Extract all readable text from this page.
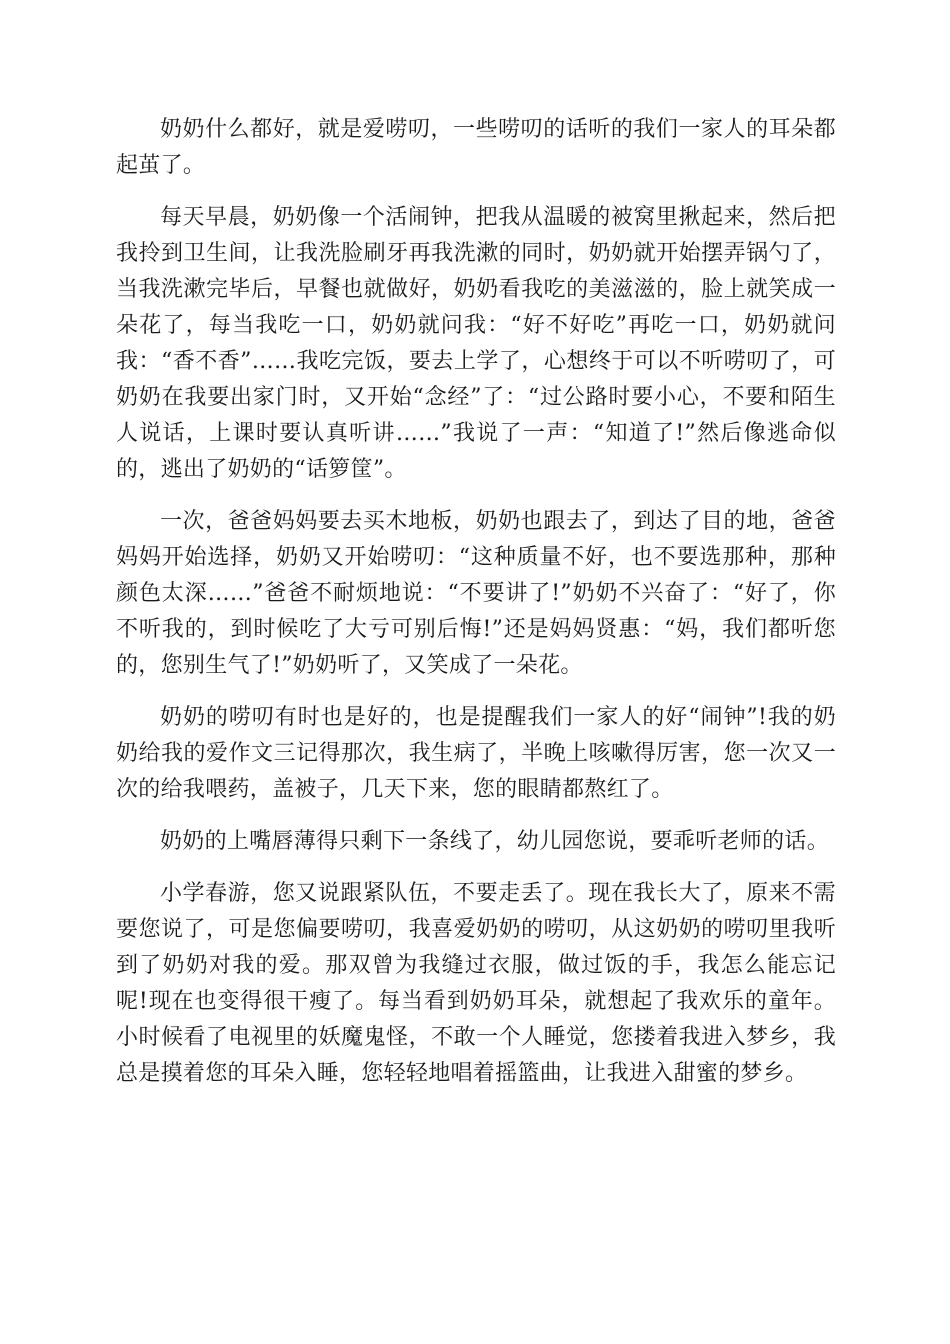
奶奶什么都好，就是爱唠叨，一些唠叨的话听的我们一家人的耳朵都起茧了。

每天早晨，奶奶像一个活闹钟，把我从温暖的被窝里揪起来，然后把我拎到卫生间，让我洗脸刷牙再我洗漱的同时，奶奶就开始摆弄锅勺了，当我洗漱完毕后，早餐也就做好，奶奶看我吃的美滋滋的，脸上就笑成一朵花了，每当我吃一口，奶奶就问我：“好不好吃”再吃一口，奶奶就问我：“香不香”……我吃完饭，要去上学了，心想终于可以不听唠叨了，可奶奶在我要出家门时，又开始“念经”了：“过公路时要小心，不要和陌生人说话，上课时要认真听讲……”我说了一声：“知道了!”然后像逃命似的，逃出了奶奶的“话箩筐”。

一次，爸爸妈妈要去买木地板，奶奶也跟去了，到达了目的地，爸爸妈妈开始选择，奶奶又开始唠叨：“这种质量不好，也不要选那种，那种颜色太深……”爸爸不耐烦地说：“不要讲了!”奶奶不兴奋了：“好了，你不听我的，到时候吃了大亏可别后悔!”还是妈妈贤惠：“妈，我们都听您的，您别生气了!”奶奶听了，又笑成了一朵花。

奶奶的唠叨有时也是好的，也是提醒我们一家人的好“闹钟”!我的奶奶给我的爱作文三记得那次，我生病了，半晚上咳嗽得厉害，您一次又一次的给我喂药，盖被子，几天下来，您的眼睛都熬红了。

奶奶的上嘴唇薄得只剩下一条线了，幼儿园您说，要乖听老师的话。

小学春游，您又说跟紧队伍，不要走丢了。现在我长大了，原来不需要您说了，可是您偏要唠叨，我喜爱奶奶的唠叨，从这奶奶的唠叨里我听到了奶奶对我的爱。那双曾为我缝过衣服，做过饭的手，我怎么能忘记呢!现在也变得很干瘦了。每当看到奶奶耳朵，就想起了我欢乐的童年。小时候看了电视里的妖魔鬼怪，不敢一个人睡觉，您搂着我进入梦乡，我总是摸着您的耳朵入睡，您轻轻地唱着摇篮曲，让我进入甜蜜的梦乡。
